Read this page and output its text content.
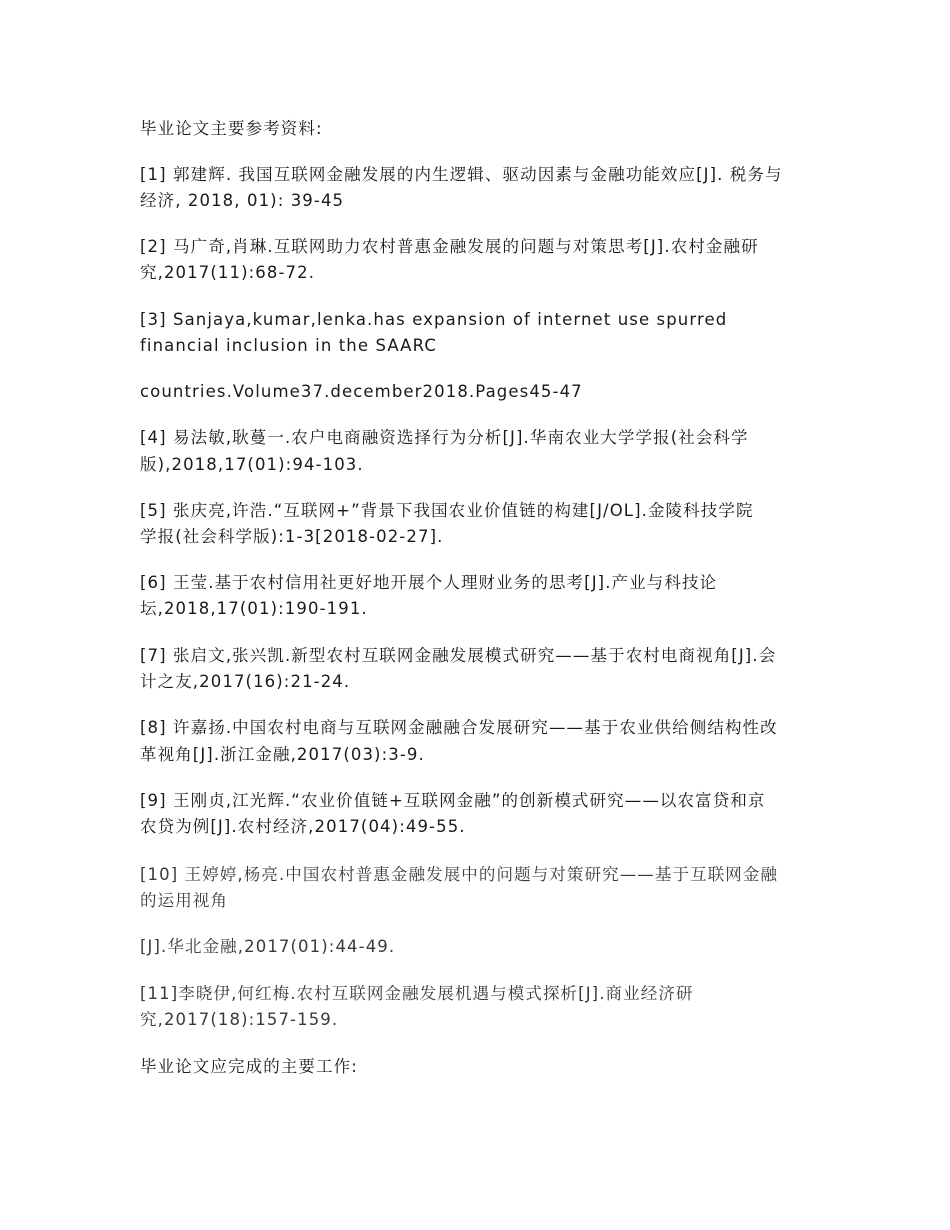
毕业论文主要参考资料:
[1] 郭建辉. 我国互联网金融发展的内生逻辑、驱动因素与金融功能效应[J]. 税务与
经济, 2018, 01): 39-45
[2] 马广奇,肖琳.互联网助力农村普惠金融发展的问题与对策思考[J].农村金融研
究,2017(11):68-72.
[3] Sanjaya,kumar,lenka.has expansion of internet use spurred
financial inclusion in the SAARC
countries.Volume37.december2018.Pages45-47
[4] 易法敏,耿蔓一.农户电商融资选择行为分析[J].华南农业大学学报(社会科学
版),2018,17(01):94-103.
[5] 张庆亮,许浩.“互联网+”背景下我国农业价值链的构建[J/OL].金陵科技学院
学报(社会科学版):1-3[2018-02-27].
[6] 王莹.基于农村信用社更好地开展个人理财业务的思考[J].产业与科技论
坛,2018,17(01):190-191.
[7] 张启文,张兴凯.新型农村互联网金融发展模式研究——基于农村电商视角[J].会
计之友,2017(16):21-24.
[8] 许嘉扬.中国农村电商与互联网金融融合发展研究——基于农业供给侧结构性改
革视角[J].浙江金融,2017(03):3-9.
[9] 王刚贞,江光辉.“农业价值链+互联网金融”的创新模式研究——以农富贷和京
农贷为例[J].农村经济,2017(04):49-55.
[10] 王婷婷,杨亮.中国农村普惠金融发展中的问题与对策研究——基于互联网金融
的运用视角
[J].华北金融,2017(01):44-49.
[11]李晓伊,何红梅.农村互联网金融发展机遇与模式探析[J].商业经济研
究,2017(18):157-159.
毕业论文应完成的主要工作:
